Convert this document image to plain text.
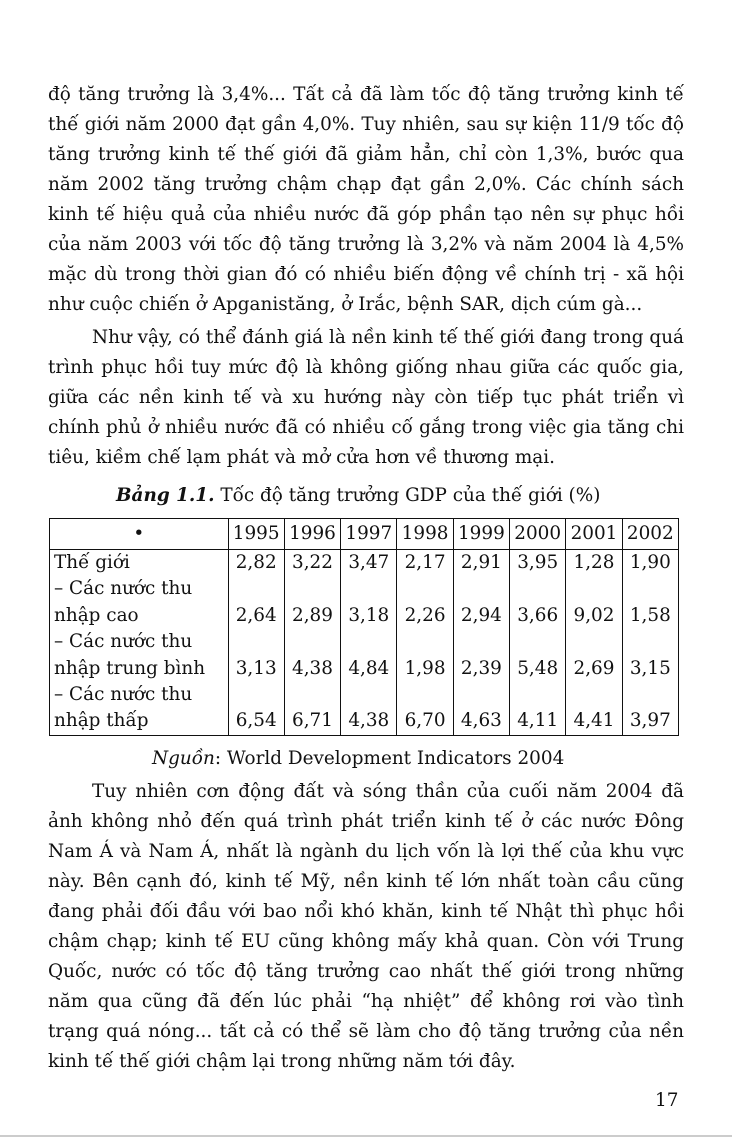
độ tăng trưởng là 3,4%... Tất cả đã làm tốc độ tăng trưởng kinh tế thế giới năm 2000 đạt gần 4,0%. Tuy nhiên, sau sự kiện 11/9 tốc độ tăng trưởng kinh tế thế giới đã giảm hẳn, chỉ còn 1,3%, bước qua năm 2002 tăng trưởng chậm chạp đạt gần 2,0%. Các chính sách kinh tế hiệu quả của nhiều nước đã góp phần tạo nên sự phục hồi của năm 2003 với tốc độ tăng trưởng là 3,2% và năm 2004 là 4,5% mặc dù trong thời gian đó có nhiều biến động về chính trị - xã hội như cuộc chiến ở Apganistăng, ở Irắc, bệnh SAR, dịch cúm gà...

Như vậy, có thể đánh giá là nền kinh tế thế giới đang trong quá trình phục hồi tuy mức độ là không giống nhau giữa các quốc gia, giữa các nền kinh tế và xu hướng này còn tiếp tục phát triển vì chính phủ ở nhiều nước đã có nhiều cố gắng trong việc gia tăng chi tiêu, kiềm chế lạm phát và mở cửa hơn về thương mại.

Bảng 1.1. Tốc độ tăng trưởng GDP của thế giới (%)
•	1995	1996	1997	1998	1999	2000	2001	2002
Thế giới	2,82	3,22	3,47	2,17	2,91	3,95	1,28	1,90

– Các nước thu
nhập cao	2,64	2,89	3,18	2,26	2,94	3,66	9,02	1,58

– Các nước thu
nhập trung bình	3,13	4,38	4,84	1,98	2,39	5,48	2,69	3,15

– Các nước thu
nhập thấp	6,54	6,71	4,38	6,70	4,63	4,11	4,41	3,97
Nguồn: World Development Indicators 2004

Tuy nhiên cơn động đất và sóng thần của cuối năm 2004 đã ảnh không nhỏ đến quá trình phát triển kinh tế ở các nước Đông Nam Á và Nam Á, nhất là ngành du lịch vốn là lợi thế của khu vực này. Bên cạnh đó, kinh tế Mỹ, nền kinh tế lớn nhất toàn cầu cũng đang phải đối đầu với bao nổi khó khăn, kinh tế Nhật thì phục hồi chậm chạp; kinh tế EU cũng không mấy khả quan. Còn với Trung Quốc, nước có tốc độ tăng trưởng cao nhất thế giới trong những năm qua cũng đã đến lúc phải “hạ nhiệt” để không rơi vào tình trạng quá nóng... tất cả có thể sẽ làm cho độ tăng trưởng của nền kinh tế thế giới chậm lại trong những năm tới đây.

17
